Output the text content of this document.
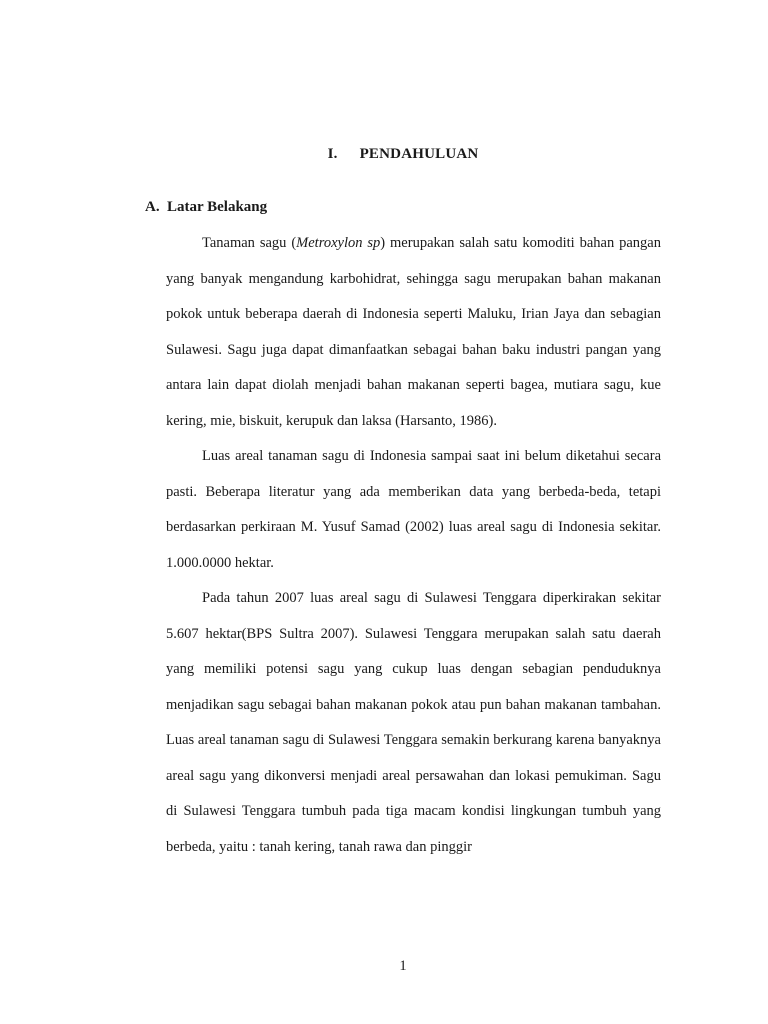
I. PENDAHULUAN
A. Latar Belakang

Tanaman sagu (Metroxylon sp) merupakan salah satu komoditi bahan pangan yang banyak mengandung karbohidrat, sehingga sagu merupakan bahan makanan pokok untuk beberapa daerah di Indonesia seperti Maluku, Irian Jaya dan sebagian Sulawesi. Sagu juga dapat dimanfaatkan sebagai bahan baku industri pangan yang antara lain dapat diolah menjadi bahan makanan seperti bagea, mutiara sagu, kue kering, mie, biskuit, kerupuk dan laksa (Harsanto, 1986).

Luas areal tanaman sagu di Indonesia sampai saat ini belum diketahui secara pasti. Beberapa literatur yang ada memberikan data yang berbeda-beda, tetapi berdasarkan perkiraan M. Yusuf Samad (2002) luas areal sagu di Indonesia sekitar. 1.000.0000 hektar.

Pada tahun 2007 luas areal sagu di Sulawesi Tenggara diperkirakan sekitar 5.607 hektar(BPS Sultra 2007). Sulawesi Tenggara merupakan salah satu daerah yang memiliki potensi sagu yang cukup luas dengan sebagian penduduknya menjadikan sagu sebagai bahan makanan pokok atau pun bahan makanan tambahan. Luas areal tanaman sagu di Sulawesi Tenggara semakin berkurang karena banyaknya areal sagu yang dikonversi menjadi areal persawahan dan lokasi pemukiman. Sagu di Sulawesi Tenggara tumbuh pada tiga macam kondisi lingkungan tumbuh yang berbeda, yaitu : tanah kering, tanah rawa dan pinggir

1
